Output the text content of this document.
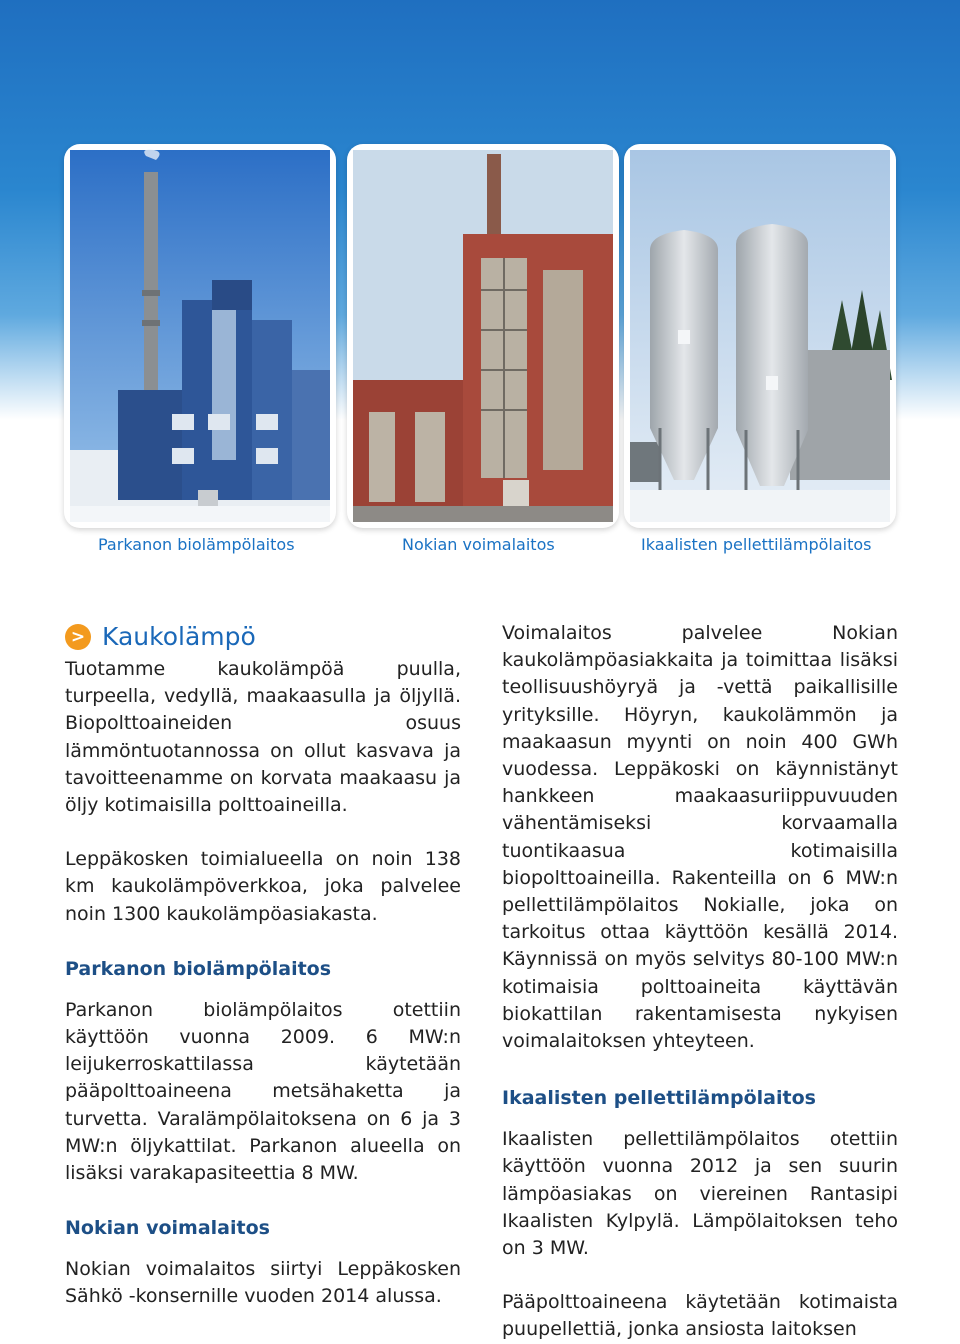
Parkanon biolämpölaitos	Nokian voimalaitos	Ikaalisten pellettilämpölaitos
> Kaukolämpö

Tuotamme kaukolämpöä puulla, turpeella, vedyllä, maakaasulla ja öljyllä. Biopolttoaineiden osuus lämmöntuotannossa on ollut kasvava ja tavoitteenamme on korvata maakaasu ja öljy kotimaisilla polttoaineilla.

Leppäkosken toimialueella on noin 138 km kaukolämpöverkkoa, joka palvelee noin 1300 kaukolämpöasiakasta.

Parkanon biolämpölaitos

Parkanon biolämpölaitos otettiin käyttöön vuonna 2009. 6 MW:n leijukerroskattilassa käytetään pääpolttoaineena metsähaketta ja turvetta. Varalämpölaitoksena on 6 ja 3 MW:n öljykattilat. Parkanon alueella on lisäksi varakapasiteettia 8 MW.

Nokian voimalaitos

Nokian voimalaitos siirtyi Leppäkosken Sähkö -konsernille vuoden 2014 alussa.

Voimalaitos palvelee Nokian kaukolämpöasiakkaita ja toimittaa lisäksi teollisuushöyryä ja -vettä paikallisille yrityksille. Höyryn, kaukolämmön ja maakaasun myynti on noin 400 GWh vuodessa. Leppäkoski on käynnistänyt hankkeen maakaasuriippuvuuden vähentämiseksi korvaamalla tuontikaasua kotimaisilla biopolttoaineilla. Rakenteilla on 6 MW:n pellettilämpölaitos Nokialle, joka on tarkoitus ottaa käyttöön kesällä 2014. Käynnissä on myös selvitys 80-100 MW:n kotimaisia polttoaineita käyttävän biokattilan rakentamisesta nykyisen voimalaitoksen yhteyteen.

Ikaalisten pellettilämpölaitos

Ikaalisten pellettilämpölaitos otettiin käyttöön vuonna 2012 ja sen suurin lämpöasiakas on viereinen Rantasipi Ikaalisten Kylpylä. Lämpölaitoksen teho on 3 MW.

Pääpolttoaineena käytetään kotimaista puupellettiä, jonka ansiosta laitoksen
